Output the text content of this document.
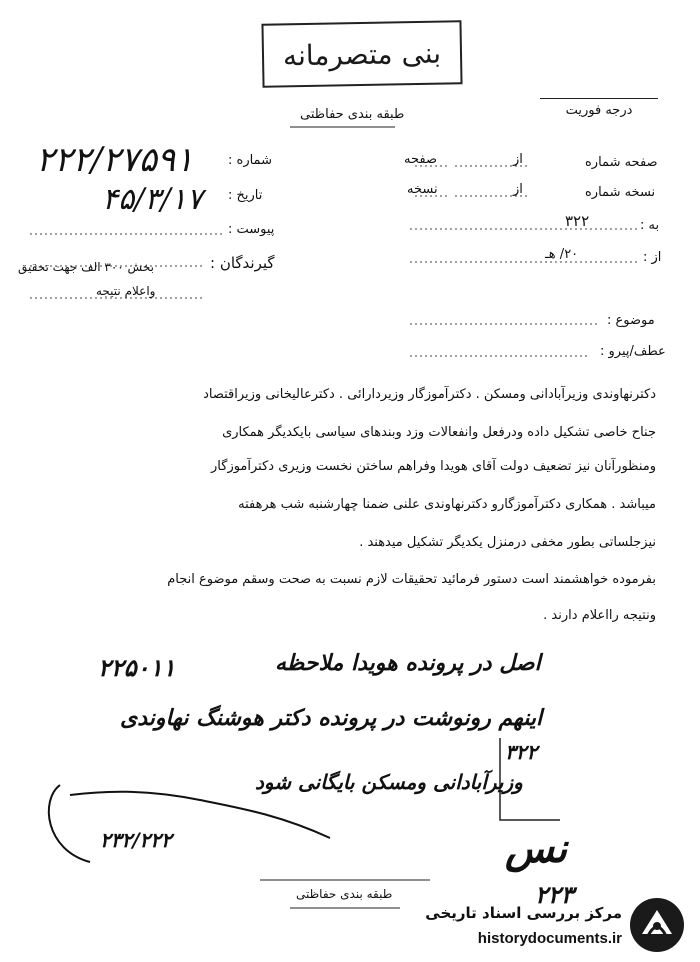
بنی متصرمانه
طبقه بندی حفاظتی	درجه فوریت
صفحه شماره
از
صفحه
نسخه شماره
از
نسخه
به :
۳۲۲
از :
۲۰/ هـ
موضوع :
عطف/پیرو :
شماره :
۲۲۲/۲۷۵۹۱
تاریخ :
۴۵/۳/۱۷
پیوست :
گیرندگان :
بخش ۳۰۰ الف جهت تحقیق
واعلام نتیجه
دکترنهاوندی وزیرآبادانی ومسکن . دکترآموزگار وزیردارائی . دکترعالیخانی وزیراقتصاد
جناح خاصی تشکیل داده ودرفعل وانفعالات وزد وبندهای سیاسی بایکدیگر همکاری
ومنظورآنان نیز تضعیف دولت آقای هویدا وفراهم ساختن نخست وزیری دکترآموزگار
میباشد . همکاری دکترآموزگارو دکترنهاوندی علنی ضمنا چهارشنبه شب هرهفته
نیزجلساتی بطور مخفی درمنزل یکدیگر تشکیل میدهند .
بفرموده خواهشمند است دستور فرمائید تحقیقات لازم نسبت به صحت وسقم موضوع انجام
ونتیجه رااعلام دارند .
۲۲۵۰۱۱	اصل در پرونده هویدا ملاحظه
اینهم رونوشت در پرونده دکتر هوشنگ نهاوندی
وزیرآبادانی ومسکن بایگانی شود
۳۲۲
نس
۲۳۲/۲۲۲
۲۲۳
طبقه بندی حفاظتی
مرکز بررسی اسناد تاریخی
historydocuments.ir
